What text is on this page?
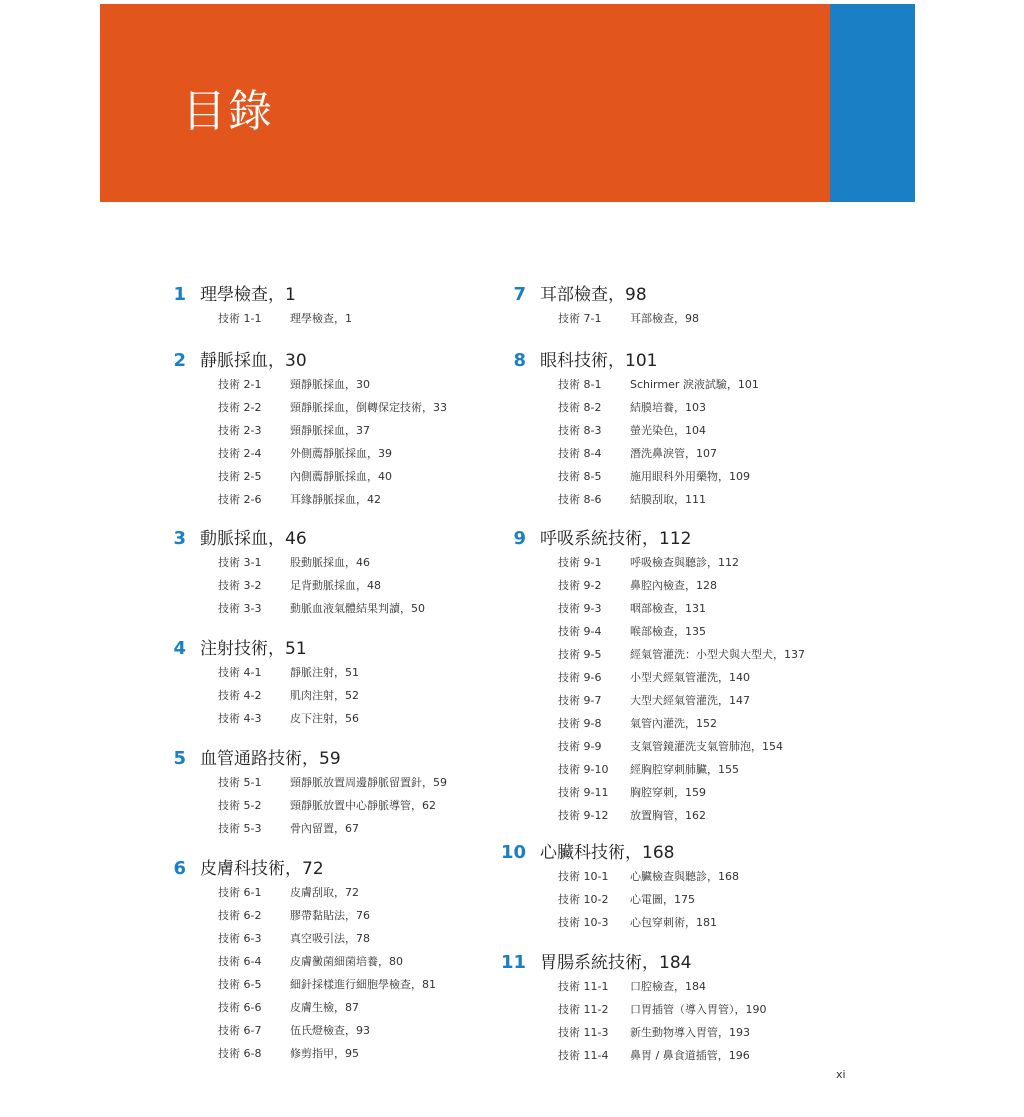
目錄
1 理學檢查，1
技術 1-1	理學檢查，1
2 靜脈採血，30
技術 2-1	頸靜脈採血，30
技術 2-2	頸靜脈採血，倒轉保定技術，33
技術 2-3	頸靜脈採血，37
技術 2-4	外側薦靜脈採血，39
技術 2-5	內側薦靜脈採血，40
技術 2-6	耳緣靜脈採血，42
3 動脈採血，46
技術 3-1	股動脈採血，46
技術 3-2	足背動脈採血，48
技術 3-3	動脈血液氣體結果判讀，50
4 注射技術，51
技術 4-1	靜脈注射，51
技術 4-2	肌肉注射，52
技術 4-3	皮下注射，56
5 血管通路技術，59
技術 5-1	頸靜脈放置周邊靜脈留置針，59
技術 5-2	頸靜脈放置中心靜脈導管，62
技術 5-3	骨內留置，67
6 皮膚科技術，72
技術 6-1	皮膚刮取，72
技術 6-2	膠帶黏貼法，76
技術 6-3	真空吸引法，78
技術 6-4	皮膚黴菌細菌培養，80
技術 6-5	細針採樣進行細胞學檢查，81
技術 6-6	皮膚生檢，87
技術 6-7	伍氏燈檢查，93
技術 6-8	修剪指甲，95
7 耳部檢查，98
技術 7-1	耳部檢查，98
8 眼科技術，101
技術 8-1	Schirmer 淚液試驗，101
技術 8-2	結膜培養，103
技術 8-3	螢光染色，104
技術 8-4	潛洗鼻淚管，107
技術 8-5	施用眼科外用藥物，109
技術 8-6	結膜刮取，111
9 呼吸系統技術，112
技術 9-1	呼吸檢查與聽診，112
技術 9-2	鼻腔內檢查，128
技術 9-3	咽部檢查，131
技術 9-4	喉部檢查，135
技術 9-5	經氣管灌洗：小型犬與大型犬，137
技術 9-6	小型犬經氣管灌洗，140
技術 9-7	大型犬經氣管灌洗，147
技術 9-8	氣管內灌洗，152
技術 9-9	支氣管鏡灌洗支氣管肺泡，154
技術 9-10	經胸腔穿刺肺臟，155
技術 9-11	胸腔穿刺，159
技術 9-12	放置胸管，162
10 心臟科技術，168
技術 10-1	心臟檢查與聽診，168
技術 10-2	心電圖，175
技術 10-3	心包穿刺術，181
11 胃腸系統技術，184
技術 11-1	口腔檢查，184
技術 11-2	口胃插管（導入胃管），190
技術 11-3	新生動物導入胃管，193
技術 11-4	鼻胃 / 鼻食道插管，196
xi
